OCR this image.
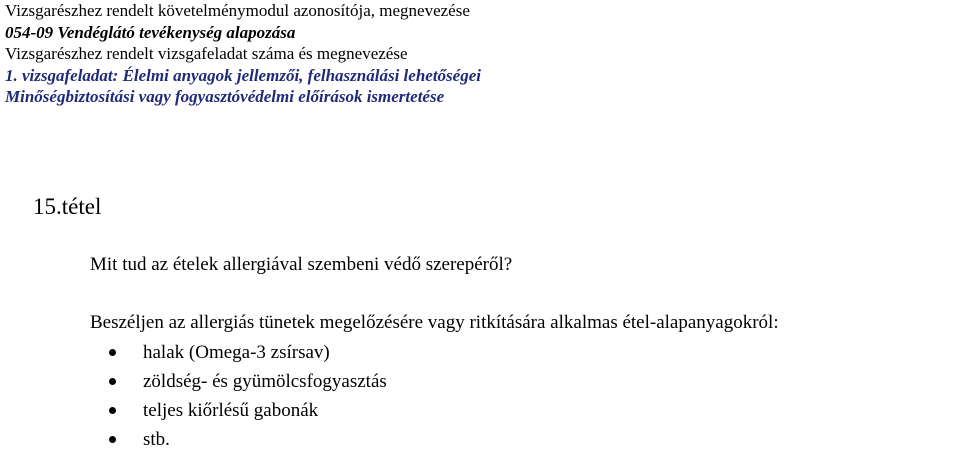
Vizsgarészhez rendelt követelménymodul azonosítója, megnevezése
054-09 Vendéglátó tevékenység alapozása
Vizsgarészhez rendelt vizsgafeladat száma és megnevezése
1. vizsgafeladat: Élelmi anyagok jellemzői, felhasználási lehetőségei
Minőségbiztosítási vagy fogyasztóvédelmi előírások ismertetése
15.tétel
Mit tud az ételek allergiával szembeni védő szerepéről?
Beszéljen az allergiás tünetek megelőzésére vagy ritkítására alkalmas étel-alapanyagokról:
halak (Omega-3 zsírsav)
zöldség- és gyümölcsfogyasztás
teljes kiőrlésű gabonák
stb.
